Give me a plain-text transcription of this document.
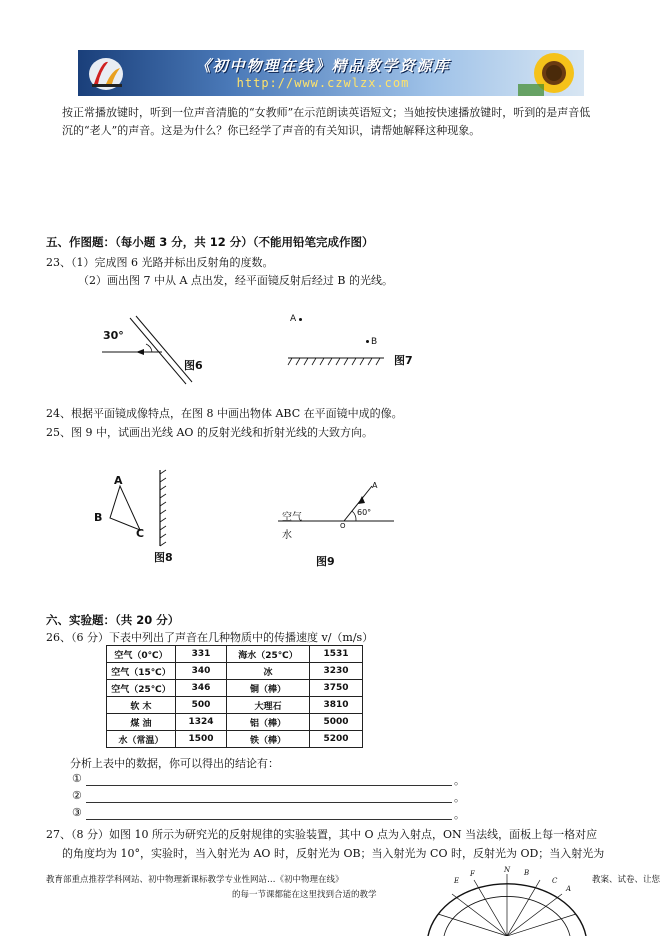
《初中物理在线》精品教学资源库
http://www.czwlzx.com
按正常播放键时，听到一位声音清脆的“女教师”在示范朗读英语短文；当她按快速播放键时，听到的是声音低
沉的“老人”的声音。这是为什么？你已经学了声音的有关知识，请帮她解释这种现象。
五、作图题：（每小题 3 分，共 12 分）（不能用铅笔完成作图）
23、（1）完成图 6 光路并标出反射角的度数。
（2）画出图 7 中从 A 点出发，经平面镜反射后经过 B 的光线。
30°
图6
A
B
图7
24、根据平面镜成像特点，在图 8 中画出物体 ABC 在平面镜中成的像。
25、图 9 中，试画出光线 AO 的反射光线和折射光线的大致方向。
A
B
C
图8
空气
水
O
60°
A
图9
六、实验题：（共 20 分）
26、（6 分）下表中列出了声音在几种物质中的传播速度 v/（m/s）
空气（0℃）	331	海水（25℃）	1531
空气（15℃）	340	冰	3230
空气（25℃）	346	铜（棒）	3750
软 木	500	大理石	3810
煤 油	1324	铝（棒）	5000
水（常温）	1500	铁（棒）	5200
分析上表中的数据，你可以得出的结论有：
①	。
②	。
③	。
27、（8 分）如图 10 所示为研究光的反射规律的实验装置，其中 O 点为入射点，ON 当法线，面板上每一格对应
的角度均为 10°，实验时，当入射光为 AO 时，反射光为 OB；当入射光为 CO 时，反射光为 OD；当入射光为
教育部重点推荐学科网站、初中物理新课标教学专业性网站…《初中物理在线》	教案、试卷、让您
的每一节课都能在这里找到合适的教学
E
F	N B
C
A
